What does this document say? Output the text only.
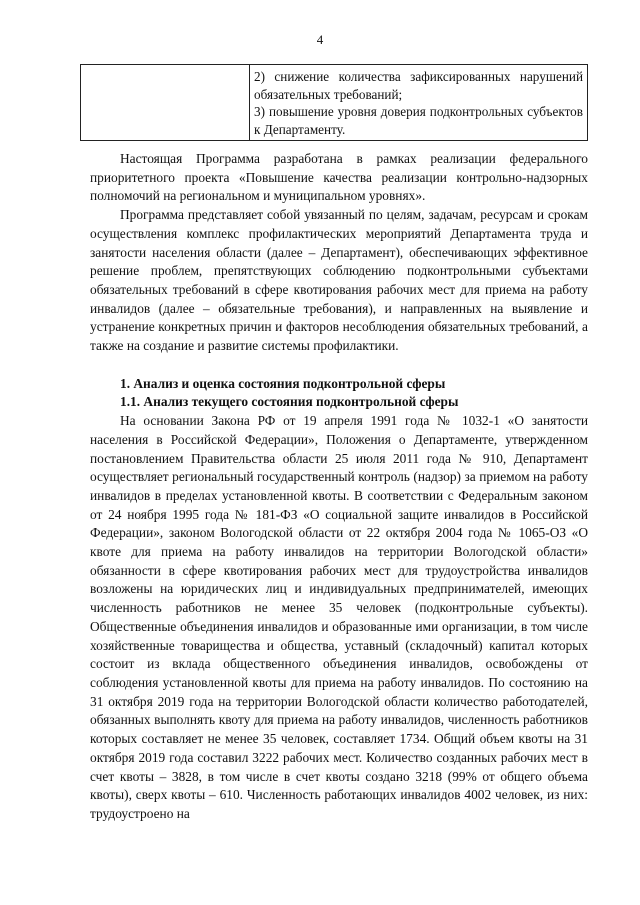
4

2) снижение количества зафиксированных нарушений обязательных требований;
3) повышение уровня доверия подконтрольных субъектов к Департаменту.

Настоящая Программа разработана в рамках реализации федерального приоритетного проекта «Повышение качества реализации контрольно-надзорных полномочий на региональном и муниципальном уровнях».

Программа представляет собой увязанный по целям, задачам, ресурсам и срокам осуществления комплекс профилактических мероприятий Департамента труда и занятости населения области (далее – Департамент), обеспечивающих эффективное решение проблем, препятствующих соблюдению подконтрольными субъектами обязательных требований в сфере квотирования рабочих мест для приема на работу инвалидов (далее – обязательные требования), и направленных на выявление и устранение конкретных причин и факторов несоблюдения обязательных требований, а также на создание и развитие системы профилактики.

1. Анализ и оценка состояния подконтрольной сферы
1.1. Анализ текущего состояния подконтрольной сферы

На основании Закона РФ от 19 апреля 1991 года № 1032-1 «О занятости населения в Российской Федерации», Положения о Департаменте, утвержденном постановлением Правительства области 25 июля 2011 года № 910, Департамент осуществляет региональный государственный контроль (надзор) за приемом на работу инвалидов в пределах установленной квоты. В соответствии с Федеральным законом от 24 ноября 1995 года № 181-ФЗ «О социальной защите инвалидов в Российской Федерации», законом Вологодской области от 22 октября 2004 года № 1065-ОЗ «О квоте для приема на работу инвалидов на территории Вологодской области» обязанности в сфере квотирования рабочих мест для трудоустройства инвалидов возложены на юридических лиц и индивидуальных предпринимателей, имеющих численность работников не менее 35 человек (подконтрольные субъекты). Общественные объединения инвалидов и образованные ими организации, в том числе хозяйственные товарищества и общества, уставный (складочный) капитал которых состоит из вклада общественного объединения инвалидов, освобождены от соблюдения установленной квоты для приема на работу инвалидов. По состоянию на 31 октября 2019 года на территории Вологодской области количество работодателей, обязанных выполнять квоту для приема на работу инвалидов, численность работников которых составляет не менее 35 человек, составляет 1734. Общий объем квоты на 31 октября 2019 года составил 3222 рабочих мест. Количество созданных рабочих мест в счет квоты – 3828, в том числе в счет квоты создано 3218 (99% от общего объема квоты), сверх квоты – 610. Численность работающих инвалидов 4002 человек, из них: трудоустроено на
